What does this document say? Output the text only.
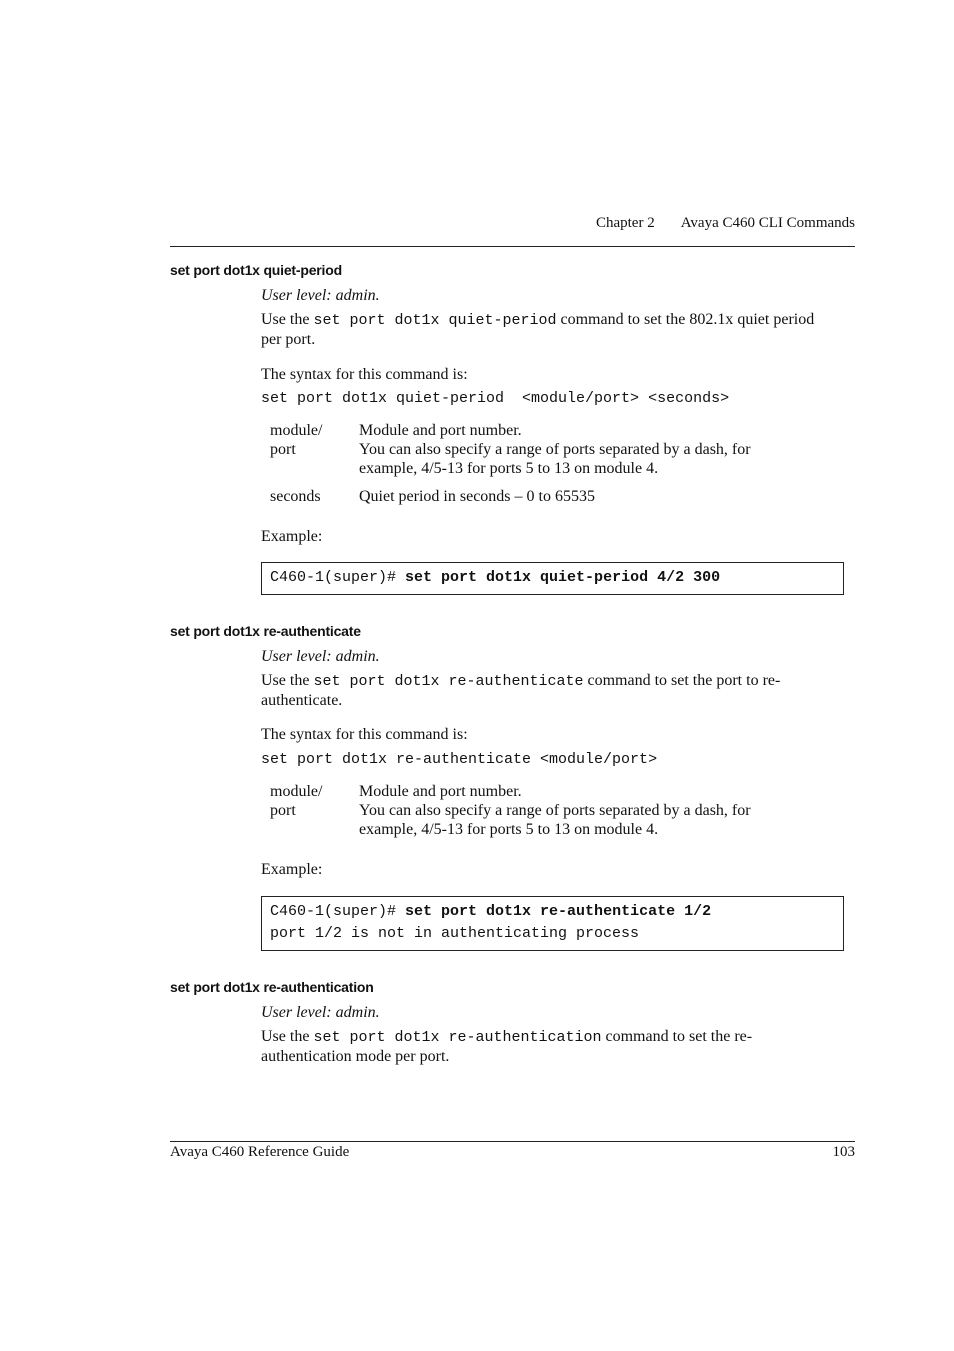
Chapter 2 Avaya C460 CLI Commands
set port dot1x quiet-period
User level: admin.
Use the set port dot1x quiet-period command to set the 802.1x quiet period
per port.
The syntax for this command is:
set port dot1x quiet-period  <module/port> <seconds>
module/
port
Module and port number.
You can also specify a range of ports separated by a dash, for
example, 4/5-13 for ports 5 to 13 on module 4.
seconds	Quiet period in seconds – 0 to 65535
Example:
C460-1(super)# set port dot1x quiet-period 4/2 300
set port dot1x re-authenticate
User level: admin.
Use the set port dot1x re-authenticate command to set the port to re-
authenticate.
The syntax for this command is:
set port dot1x re-authenticate <module/port>
module/
port
Module and port number.
You can also specify a range of ports separated by a dash, for
example, 4/5-13 for ports 5 to 13 on module 4.
Example:
C460-1(super)# set port dot1x re-authenticate 1/2
port 1/2 is not in authenticating process
set port dot1x re-authentication
User level: admin.
Use the set port dot1x re-authentication command to set the re-
authentication mode per port.
Avaya C460 Reference Guide	103
